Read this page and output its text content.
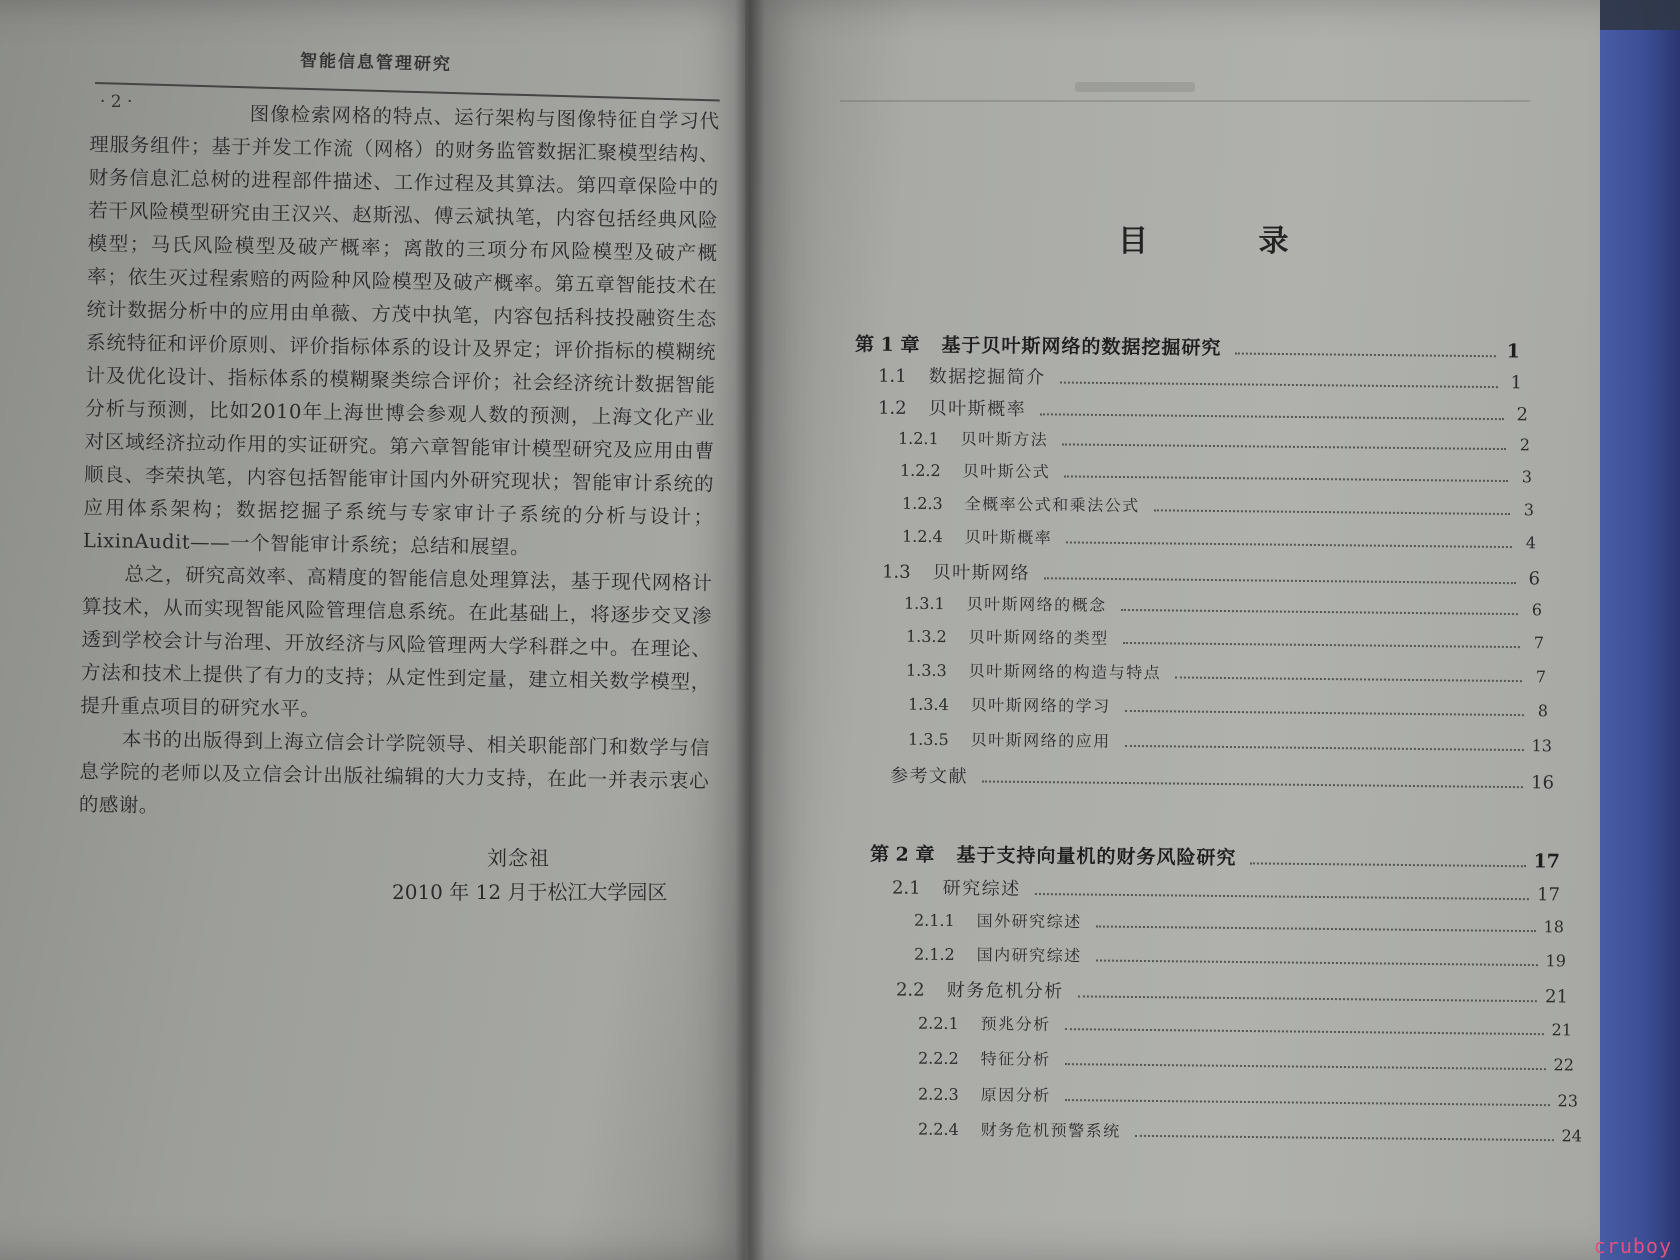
智能信息管理研究
· 2 ·

图像检索网格的特点、运行架构与图像特征自学习代理服务组件；基于并发工作流（网格）的财务监管数据汇聚模型结构、财务信息汇总树的进程部件描述、工作过程及其算法。第四章保险中的若干风险模型研究由王汉兴、赵斯泓、傅云斌执笔，内容包括经典风险模型；马氏风险模型及破产概率；离散的三项分布风险模型及破产概率；依生灭过程索赔的两险种风险模型及破产概率。第五章智能技术在统计数据分析中的应用由单薇、方茂中执笔，内容包括科技投融资生态系统特征和评价原则、评价指标体系的设计及界定；评价指标的模糊统计及优化设计、指标体系的模糊聚类综合评价；社会经济统计数据智能分析与预测，比如2010年上海世博会参观人数的预测，上海文化产业对区域经济拉动作用的实证研究。第六章智能审计模型研究及应用由曹顺良、李荣执笔，内容包括智能审计国内外研究现状；智能审计系统的应用体系架构；数据挖掘子系统与专家审计子系统的分析与设计；LixinAudit——一个智能审计系统；总结和展望。

总之，研究高效率、高精度的智能信息处理算法，基于现代网格计算技术，从而实现智能风险管理信息系统。在此基础上，将逐步交叉渗透到学校会计与治理、开放经济与风险管理两大学科群之中。在理论、方法和技术上提供了有力的支持；从定性到定量，建立相关数学模型，提升重点项目的研究水平。

本书的出版得到上海立信会计学院领导、相关职能部门和数学与信息学院的老师以及立信会计出版社编辑的大力支持，在此一并表示衷心的感谢。

刘念祖
2010 年 12 月于松江大学园区
目 录
第 1 章 基于贝叶斯网络的数据挖掘研究	1
1.1 数据挖掘简介	1
1.2 贝叶斯概率	2
1.2.1 贝叶斯方法	2
1.2.2 贝叶斯公式	3
1.2.3 全概率公式和乘法公式	3
1.2.4 贝叶斯概率	4
1.3 贝叶斯网络	6
1.3.1 贝叶斯网络的概念	6
1.3.2 贝叶斯网络的类型	7
1.3.3 贝叶斯网络的构造与特点	7
1.3.4 贝叶斯网络的学习	8
1.3.5 贝叶斯网络的应用	13
参考文献	16
第 2 章 基于支持向量机的财务风险研究	17
2.1 研究综述	17
2.1.1 国外研究综述	18
2.1.2 国内研究综述	19
2.2 财务危机分析	21
2.2.1 预兆分析	21
2.2.2 特征分析	22
2.2.3 原因分析	23
2.2.4 财务危机预警系统	24
cruboy
